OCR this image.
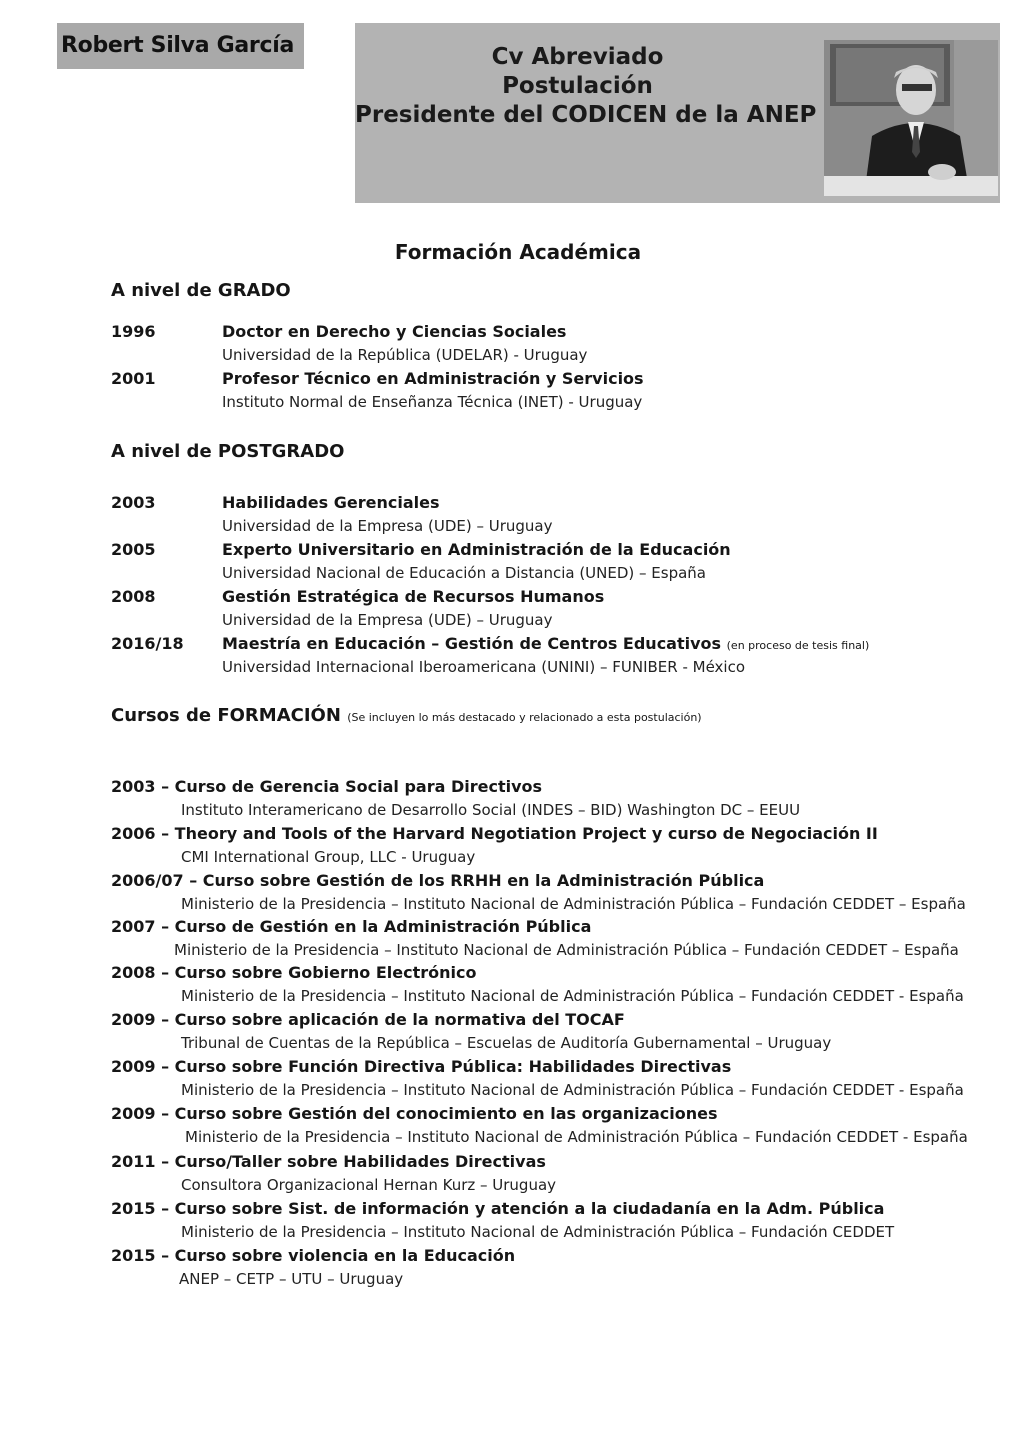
Robert Silva García	Cv Abreviado
Postulación
Presidente del CODICEN de la ANEP
Formación Académica
A nivel de GRADO
1996	Doctor en Derecho y Ciencias Sociales
Universidad de la República (UDELAR) - Uruguay
2001	Profesor Técnico en Administración y Servicios
Instituto Normal de Enseñanza Técnica (INET) - Uruguay
A nivel de POSTGRADO
2003	Habilidades Gerenciales
Universidad de la Empresa (UDE) – Uruguay
2005	Experto Universitario en Administración de la Educación
Universidad Nacional de Educación a Distancia (UNED) – España
2008	Gestión Estratégica de Recursos Humanos
Universidad de la Empresa (UDE) – Uruguay
2016/18 Maestría en Educación – Gestión de Centros Educativos (en proceso de tesis final)
Universidad Internacional Iberoamericana (UNINI) – FUNIBER - México
Cursos de FORMACIÓN (Se incluyen lo más destacado y relacionado a esta postulación)
2003 – Curso de Gerencia Social para Directivos
Instituto Interamericano de Desarrollo Social (INDES – BID) Washington DC – EEUU
2006 – Theory and Tools of the Harvard Negotiation Project y curso de Negociación II
CMI International Group, LLC - Uruguay
2006/07 – Curso sobre Gestión de los RRHH en la Administración Pública
Ministerio de la Presidencia – Instituto Nacional de Administración Pública – Fundación CEDDET – España
2007 – Curso de Gestión en la Administración Pública
Ministerio de la Presidencia – Instituto Nacional de Administración Pública – Fundación CEDDET – España
2008 – Curso sobre Gobierno Electrónico
Ministerio de la Presidencia – Instituto Nacional de Administración Pública – Fundación CEDDET - España
2009 – Curso sobre aplicación de la normativa del TOCAF
Tribunal de Cuentas de la República – Escuelas de Auditoría Gubernamental – Uruguay
2009 – Curso sobre Función Directiva Pública: Habilidades Directivas
Ministerio de la Presidencia – Instituto Nacional de Administración Pública – Fundación CEDDET - España
2009 – Curso sobre Gestión del conocimiento en las organizaciones
Ministerio de la Presidencia – Instituto Nacional de Administración Pública – Fundación CEDDET - España
2011 – Curso/Taller sobre Habilidades Directivas
Consultora Organizacional Hernan Kurz – Uruguay
2015 – Curso sobre Sist. de información y atención a la ciudadanía en la Adm. Pública
Ministerio de la Presidencia – Instituto Nacional de Administración Pública – Fundación CEDDET
2015 – Curso sobre violencia en la Educación
ANEP – CETP – UTU – Uruguay
